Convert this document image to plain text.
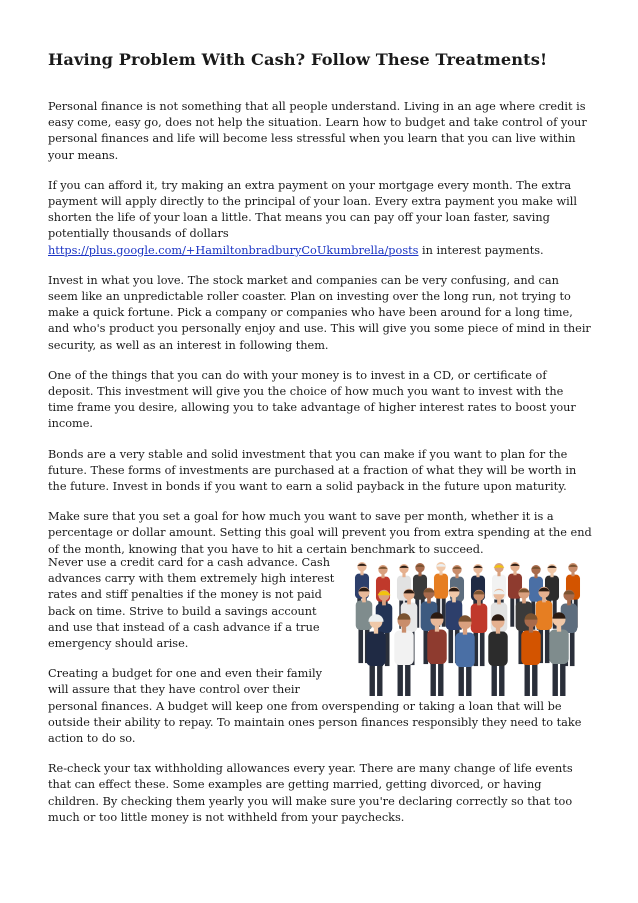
Having Problem With Cash? Follow These Treatments!

Personal finance is not something that all people understand. Living in an age where credit is easy come, easy go, does not help the situation. Learn how to budget and take control of your personal finances and life will become less stressful when you learn that you can live within your means.

If you can afford it, try making an extra payment on your mortgage every month. The extra payment will apply directly to the principal of your loan. Every extra payment you make will shorten the life of your loan a little. That means you can pay off your loan faster, saving potentially thousands of dollars https://plus.google.com/+HamiltonbradburyCoUkumbrella/posts in interest payments.

Invest in what you love. The stock market and companies can be very confusing, and can seem like an unpredictable roller coaster. Plan on investing over the long run, not trying to make a quick fortune. Pick a company or companies who have been around for a long time, and who's product you personally enjoy and use. This will give you some piece of mind in their security, as well as an interest in following them.

One of the things that you can do with your money is to invest in a CD, or certificate of deposit. This investment will give you the choice of how much you want to invest with the time frame you desire, allowing you to take advantage of higher interest rates to boost your income.

Bonds are a very stable and solid investment that you can make if you want to plan for the future. These forms of investments are purchased at a fraction of what they will be worth in the future. Invest in bonds if you want to earn a solid payback in the future upon maturity.

Make sure that you set a goal for how much you want to save per month, whether it is a percentage or dollar amount. Setting this goal will prevent you from extra spending at the end of the month, knowing that you have to hit a certain benchmark to succeed.

Never use a credit card for a cash advance. Cash advances carry with them extremely high interest rates and stiff penalties if the money is not paid back on time. Strive to build a savings account and use that instead of a cash advance if a true emergency should arise.

Creating a budget for one and even their family will assure that they have control over their personal finances. A budget will keep one from overspending or taking a loan that will be outside their ability to repay. To maintain ones person finances responsibly they need to take action to do so.

Re-check your tax withholding allowances every year. There are many change of life events that can effect these. Some examples are getting married, getting divorced, or having children. By checking them yearly you will make sure you're declaring correctly so that too much or too little money is not withheld from your paychecks.
